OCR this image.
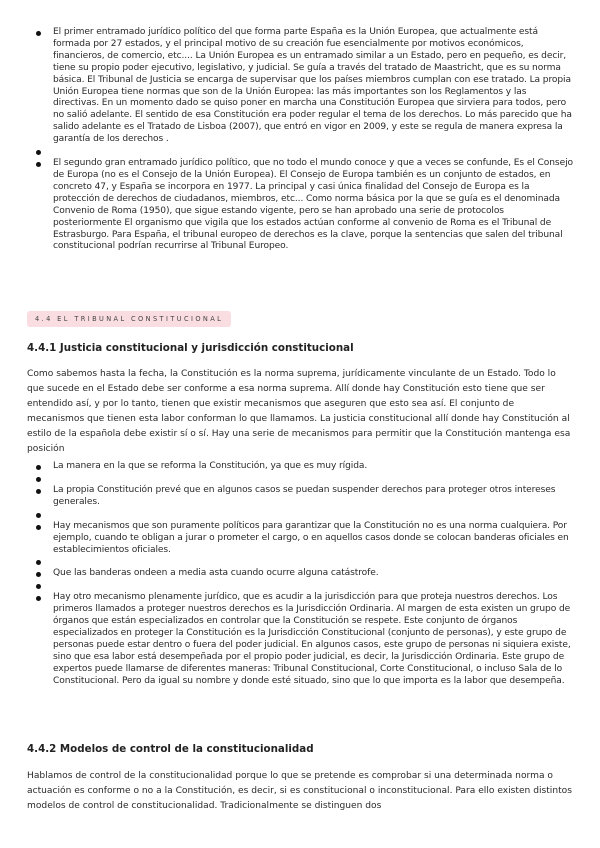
El primer entramado jurídico político del que forma parte España es la Unión Europea, que actualmente está formada por 27 estados, y el principal motivo de su creación fue esencialmente por motivos económicos, financieros, de comercio, etc.... La Unión Europea es un entramado similar a un Estado, pero en pequeño, es decir, tiene su propio poder ejecutivo, legislativo, y judicial. Se guía a través del tratado de Maastricht, que es su norma básica. El Tribunal de Justicia se encarga de supervisar que los países miembros cumplan con ese tratado. La propia Unión Europea tiene normas que son de la Unión Europea: las más importantes son los Reglamentos y las directivas. En un momento dado se quiso poner en marcha una Constitución Europea que sirviera para todos, pero no salió adelante. El sentido de esa Constitución era poder regular el tema de los derechos. Lo más parecido que ha salido adelante es el Tratado de Lisboa (2007), que entró en vigor en 2009, y este se regula de manera expresa la garantía de los derechos .
El segundo gran entramado jurídico político, que no todo el mundo conoce y que a veces se confunde, Es el Consejo de Europa (no es el Consejo de la Unión Europea). El Consejo de Europa también es un conjunto de estados, en concreto 47, y España se incorpora en 1977. La principal y casi única finalidad del Consejo de Europa es la protección de derechos de ciudadanos, miembros, etc... Como norma básica por la que se guía es el denominada Convenio de Roma (1950), que sigue estando vigente, pero se han aprobado una serie de protocolos posteriormente El organismo que vigila que los estados actúan conforme al convenio de Roma es el Tribunal de Estrasburgo. Para España, el tribunal europeo de derechos es la clave, porque la sentencias que salen del tribunal constitucional podrían recurrirse al Tribunal Europeo.
4.4 EL TRIBUNAL CONSTITUCIONAL
4.4.1 Justicia constitucional y jurisdicción constitucional

Como sabemos hasta la fecha, la Constitución es la norma suprema, jurídicamente vinculante de un Estado. Todo lo que sucede en el Estado debe ser conforme a esa norma suprema. Allí donde hay Constitución esto tiene que ser entendido así, y por lo tanto, tienen que existir mecanismos que aseguren que esto sea así. El conjunto de mecanismos que tienen esta labor conforman lo que llamamos. La justicia constitucional allí donde hay Constitución al estilo de la española debe existir sí o sí. Hay una serie de mecanismos para permitir que la Constitución mantenga esa posición

La manera en la que se reforma la Constitución, ya que es muy rígida.
La propia Constitución prevé que en algunos casos se puedan suspender derechos para proteger otros intereses generales.
Hay mecanismos que son puramente políticos para garantizar que la Constitución no es una norma cualquiera. Por ejemplo, cuando te obligan a jurar o prometer el cargo, o en aquellos casos donde se colocan banderas oficiales en establecimientos oficiales.
Que las banderas ondeen a media asta cuando ocurre alguna catástrofe.
Hay otro mecanismo plenamente jurídico, que es acudir a la jurisdicción para que proteja nuestros derechos. Los primeros llamados a proteger nuestros derechos es la Jurisdicción Ordinaria. Al margen de esta existen un grupo de órganos que están especializados en controlar que la Constitución se respete. Este conjunto de órganos especializados en proteger la Constitución es la Jurisdicción Constitucional (conjunto de personas), y este grupo de personas puede estar dentro o fuera del poder judicial. En algunos casos, este grupo de personas ni siquiera existe, sino que esa labor está desempeñada por el propio poder judicial, es decir, la Jurisdicción Ordinaria. Este grupo de expertos puede llamarse de diferentes maneras: Tribunal Constitucional, Corte Constitucional, o incluso Sala de lo Constitucional. Pero da igual su nombre y donde esté situado, sino que lo que importa es la labor que desempeña.
4.4.2 Modelos de control de la constitucionalidad

Hablamos de control de la constitucionalidad porque lo que se pretende es comprobar si una determinada norma o actuación es conforme o no a la Constitución, es decir, si es constitucional o inconstitucional. Para ello existen distintos modelos de control de constitucionalidad. Tradicionalmente se distinguen dos
